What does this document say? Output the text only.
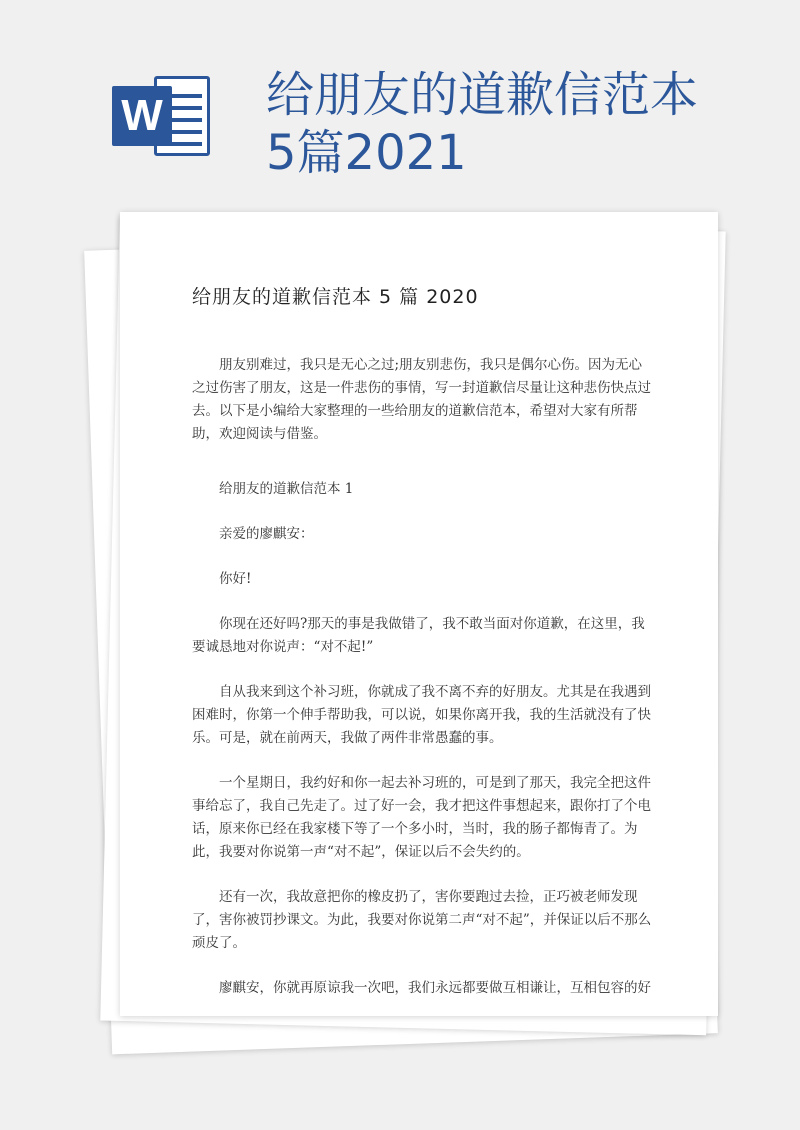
W 给朋友的道歉信范本5篇2021
给朋友的道歉信范本 5 篇 2020

朋友别难过，我只是无心之过;朋友别悲伤，我只是偶尔心伤。因为无心之过伤害了朋友，这是一件悲伤的事情，写一封道歉信尽量让这种悲伤快点过去。以下是小编给大家整理的一些给朋友的道歉信范本，希望对大家有所帮助，欢迎阅读与借鉴。

给朋友的道歉信范本 1

亲爱的廖麒安：

你好!

你现在还好吗?那天的事是我做错了，我不敢当面对你道歉，在这里，我要诚恳地对你说声：“对不起!”

自从我来到这个补习班，你就成了我不离不弃的好朋友。尤其是在我遇到困难时，你第一个伸手帮助我，可以说，如果你离开我，我的生活就没有了快乐。可是，就在前两天，我做了两件非常愚蠢的事。

一个星期日，我约好和你一起去补习班的，可是到了那天，我完全把这件事给忘了，我自己先走了。过了好一会，我才把这件事想起来，跟你打了个电话，原来你已经在我家楼下等了一个多小时，当时，我的肠子都悔青了。为此，我要对你说第一声“对不起”，保证以后不会失约的。

还有一次，我故意把你的橡皮扔了，害你要跑过去捡，正巧被老师发现了，害你被罚抄课文。为此，我要对你说第二声“对不起”，并保证以后不那么顽皮了。

廖麒安，你就再原谅我一次吧，我们永远都要做互相谦让，互相包容的好
